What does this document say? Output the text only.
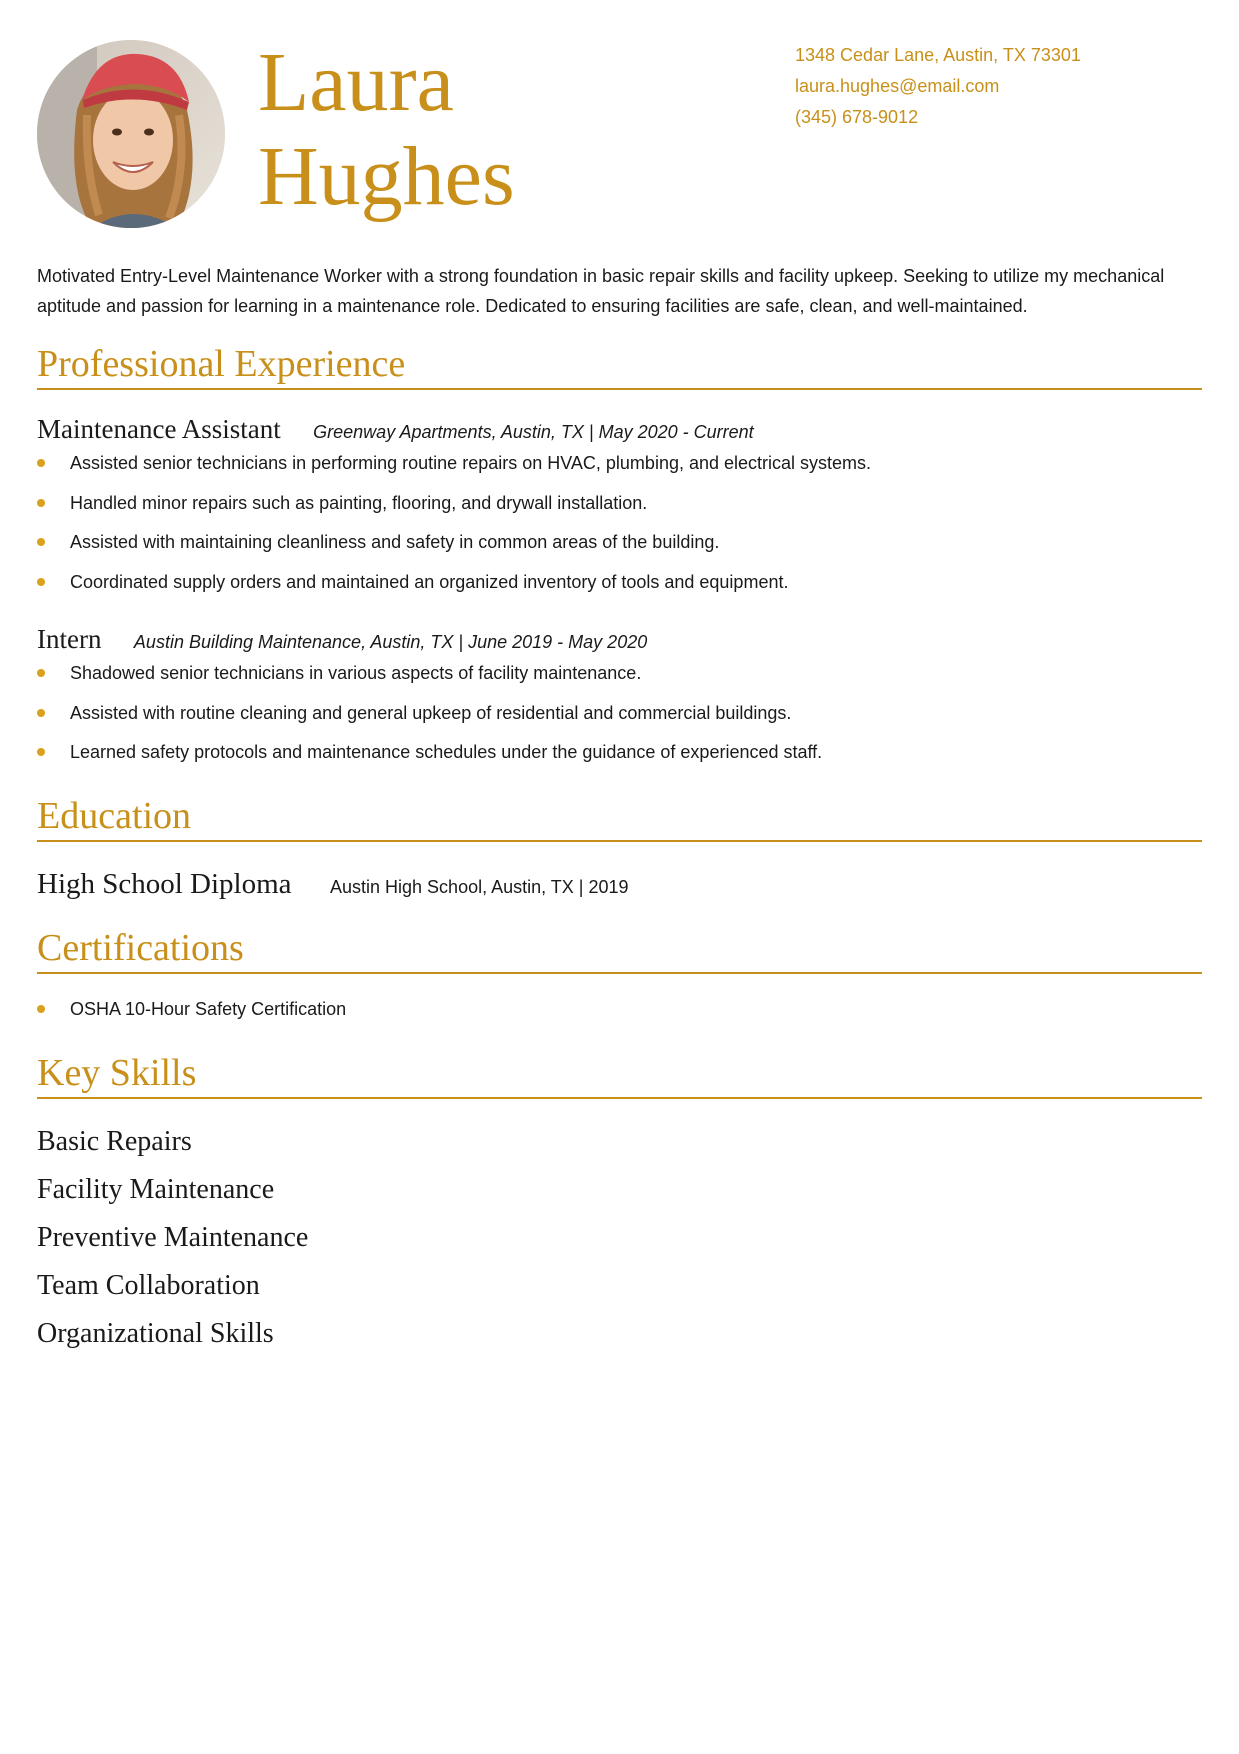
Laura
Hughes
1348 Cedar Lane, Austin, TX 73301
laura.hughes@email.com
(345) 678-9012

Motivated Entry-Level Maintenance Worker with a strong foundation in basic repair skills and facility upkeep. Seeking to utilize my mechanical aptitude and passion for learning in a maintenance role. Dedicated to ensuring facilities are safe, clean, and well-maintained.

Professional Experience
Maintenance Assistant Greenway Apartments, Austin, TX | May 2020 - Current
Assisted senior technicians in performing routine repairs on HVAC, plumbing, and electrical systems.
Handled minor repairs such as painting, flooring, and drywall installation.
Assisted with maintaining cleanliness and safety in common areas of the building.
Coordinated supply orders and maintained an organized inventory of tools and equipment.
Intern Austin Building Maintenance, Austin, TX | June 2019 - May 2020
Shadowed senior technicians in various aspects of facility maintenance.
Assisted with routine cleaning and general upkeep of residential and commercial buildings.
Learned safety protocols and maintenance schedules under the guidance of experienced staff.
Education
High School Diploma Austin High School, Austin, TX | 2019
Certifications
OSHA 10-Hour Safety Certification
Key Skills
Basic Repairs
Facility Maintenance
Preventive Maintenance
Team Collaboration
Organizational Skills
